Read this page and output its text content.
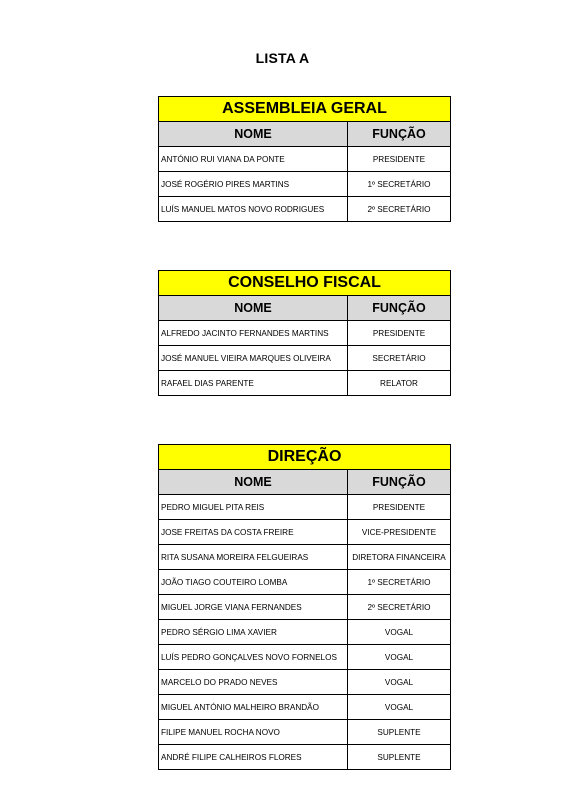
LISTA A
ASSEMBLEIA GERAL	
NOME	FUNÇÃO
ANTÓNIO RUI VIANA DA PONTE	PRESIDENTE
JOSÉ ROGÉRIO PIRES MARTINS	1º SECRETÁRIO
LUÍS MANUEL MATOS NOVO RODRIGUES	2º SECRETÁRIO
CONSELHO FISCAL	
NOME	FUNÇÃO
ALFREDO JACINTO FERNANDES MARTINS	PRESIDENTE
JOSÉ MANUEL VIEIRA MARQUES OLIVEIRA	SECRETÁRIO
RAFAEL DIAS PARENTE	RELATOR
DIREÇÃO	
NOME	FUNÇÃO
PEDRO MIGUEL PITA REIS	PRESIDENTE
JOSE FREITAS DA COSTA FREIRE	VICE-PRESIDENTE
RITA SUSANA MOREIRA FELGUEIRAS	DIRETORA FINANCEIRA
JOÃO TIAGO COUTEIRO LOMBA	1º SECRETÁRIO
MIGUEL JORGE VIANA FERNANDES	2º SECRETÁRIO
PEDRO SÉRGIO LIMA XAVIER	VOGAL
LUÍS PEDRO GONÇALVES NOVO FORNELOS	VOGAL
MARCELO DO PRADO NEVES	VOGAL
MIGUEL ANTÓNIO MALHEIRO BRANDÃO	VOGAL
FILIPE MANUEL ROCHA NOVO	SUPLENTE
ANDRÉ FILIPE CALHEIROS FLORES	SUPLENTE
